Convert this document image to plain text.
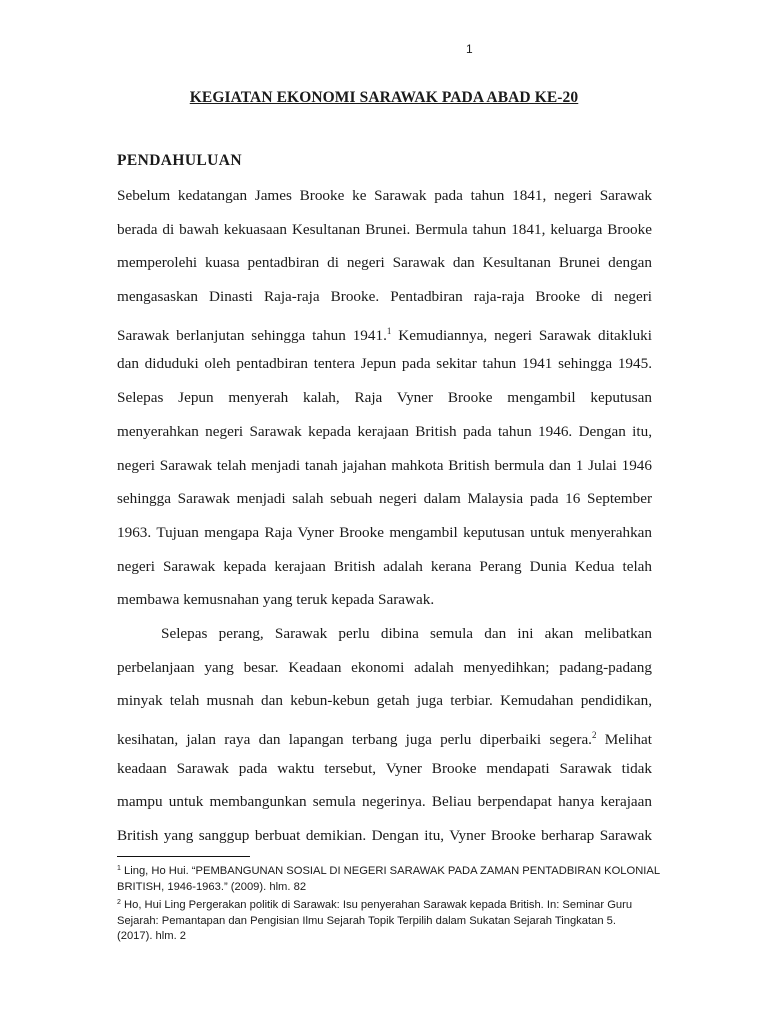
1
KEGIATAN EKONOMI SARAWAK PADA ABAD KE-20
PENDAHULUAN
Sebelum kedatangan James Brooke ke Sarawak pada tahun 1841, negeri Sarawak
berada di bawah kekuasaan Kesultanan Brunei. Bermula tahun 1841, keluarga Brooke
memperolehi kuasa pentadbiran di negeri Sarawak dan Kesultanan Brunei dengan
mengasaskan Dinasti Raja-raja Brooke. Pentadbiran raja-raja Brooke di negeri
Sarawak berlanjutan sehingga tahun 1941.$^1$ Kemudiannya, negeri Sarawak ditakluki
dan diduduki oleh pentadbiran tentera Jepun pada sekitar tahun 1941 sehingga 1945.
Selepas Jepun menyerah kalah, Raja Vyner Brooke mengambil keputusan
menyerahkan negeri Sarawak kepada kerajaan British pada tahun 1946. Dengan itu,
negeri Sarawak telah menjadi tanah jajahan mahkota British bermula dan 1 Julai 1946
sehingga Sarawak menjadi salah sebuah negeri dalam Malaysia pada 16 September
1963. Tujuan mengapa Raja Vyner Brooke mengambil keputusan untuk menyerahkan
negeri Sarawak kepada kerajaan British adalah kerana Perang Dunia Kedua telah
membawa kemusnahan yang teruk kepada Sarawak.
Selepas perang, Sarawak perlu dibina semula dan ini akan melibatkan
perbelanjaan yang besar. Keadaan ekonomi adalah menyedihkan; padang-padang
minyak telah musnah dan kebun-kebun getah juga terbiar. Kemudahan pendidikan,
kesihatan, jalan raya dan lapangan terbang juga perlu diperbaiki segera.$^2$ Melihat
keadaan Sarawak pada waktu tersebut, Vyner Brooke mendapati Sarawak tidak
mampu untuk membangunkan semula negerinya. Beliau berpendapat hanya kerajaan
British yang sanggup berbuat demikian. Dengan itu, Vyner Brooke berharap Sarawak
$^1$ Ling, Ho Hui. “PEMBANGUNAN SOSIAL DI NEGERI SARAWAK PADA ZAMAN PENTADBIRAN KOLONIAL
BRITISH, 1946-1963.” (2009). hlm. 82
$^2$ Ho, Hui Ling Pergerakan politik di Sarawak: Isu penyerahan Sarawak kepada British. In: Seminar Guru
Sejarah: Pemantapan dan Pengisian Ilmu Sejarah Topik Terpilih dalam Sukatan Sejarah Tingkatan 5.
(2017). hlm. 2
